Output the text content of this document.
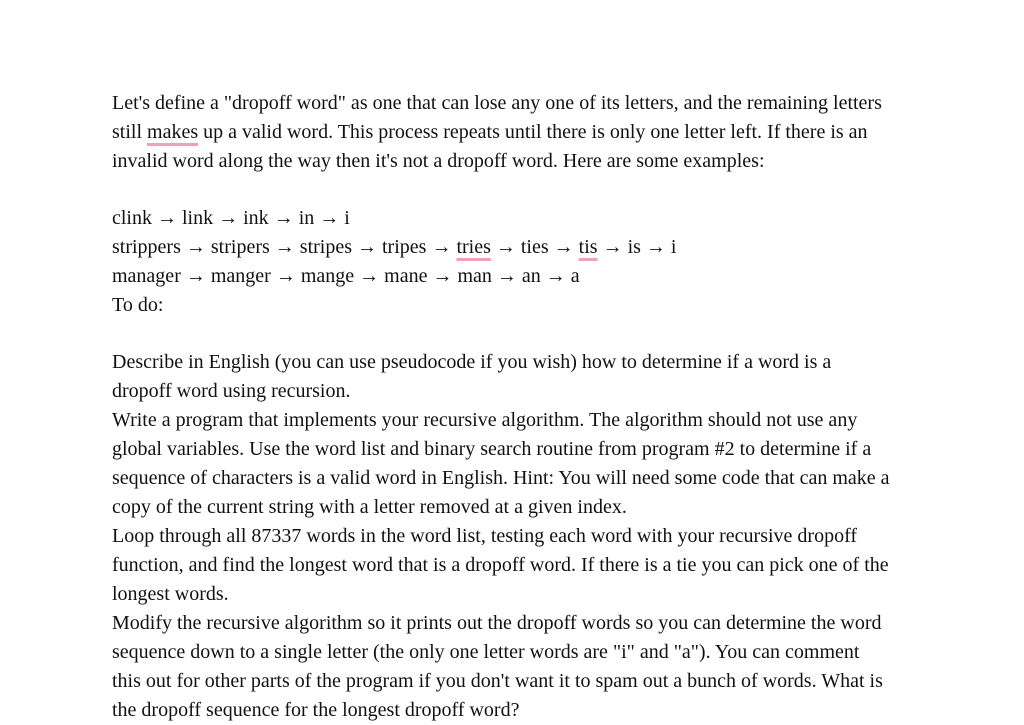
Let's define a "dropoff word" as one that can lose any one of its letters, and the remaining letters
still makes up a valid word. This process repeats until there is only one letter left. If there is an
invalid word along the way then it's not a dropoff word. Here are some examples:
clink → link → ink → in → i
strippers → stripers → stripes → tripes → tries → ties → tis → is → i
manager → manger → mange → mane → man → an → a
To do:
Describe in English (you can use pseudocode if you wish) how to determine if a word is a
dropoff word using recursion.
Write a program that implements your recursive algorithm. The algorithm should not use any
global variables. Use the word list and binary search routine from program #2 to determine if a
sequence of characters is a valid word in English. Hint: You will need some code that can make a
copy of the current string with a letter removed at a given index.
Loop through all 87337 words in the word list, testing each word with your recursive dropoff
function, and find the longest word that is a dropoff word. If there is a tie you can pick one of the
longest words.
Modify the recursive algorithm so it prints out the dropoff words so you can determine the word
sequence down to a single letter (the only one letter words are "i" and "a"). You can comment
this out for other parts of the program if you don't want it to spam out a bunch of words. What is
the dropoff sequence for the longest dropoff word?
